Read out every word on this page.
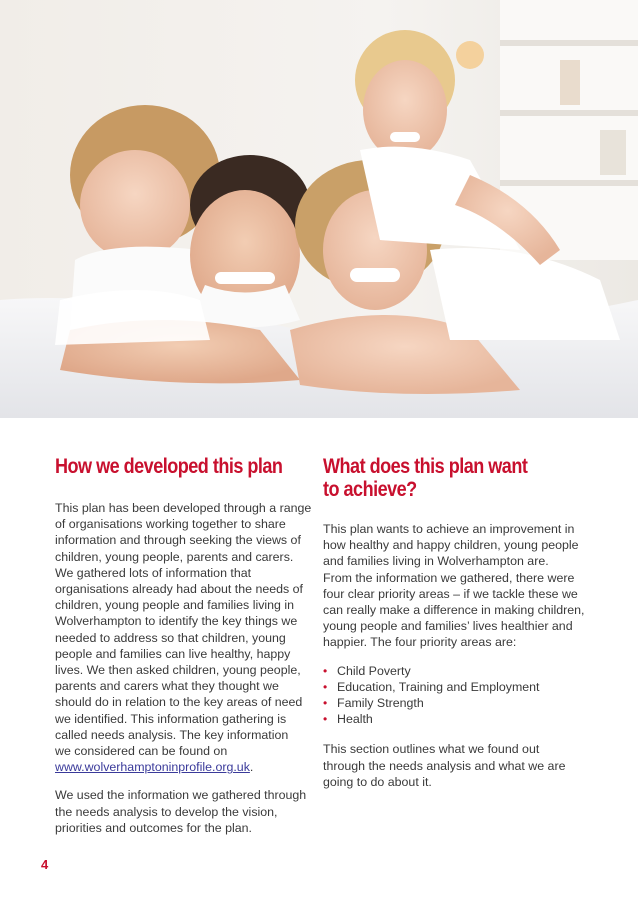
How we developed this plan

This plan has been developed through a range
of organisations working together to share
information and through seeking the views of
children, young people, parents and carers.
We gathered lots of information that
organisations already had about the needs of
children, young people and families living in
Wolverhampton to identify the key things we
needed to address so that children, young
people and families can live healthy, happy
lives. We then asked children, young people,
parents and carers what they thought we
should do in relation to the key areas of need
we identified. This information gathering is
called needs analysis. The key information
we considered can be found on
www.wolverhamptoninprofile.org.uk.

We used the information we gathered through
the needs analysis to develop the vision,
priorities and outcomes for the plan.

What does this plan want
to achieve?

This plan wants to achieve an improvement in
how healthy and happy children, young people
and families living in Wolverhampton are.
From the information we gathered, there were
four clear priority areas – if we tackle these we
can really make a difference in making children,
young people and families’ lives healthier and
happier. The four priority areas are:

• Child Poverty
• Education, Training and Employment
• Family Strength
• Health

This section outlines what we found out
through the needs analysis and what we are
going to do about it.

4
